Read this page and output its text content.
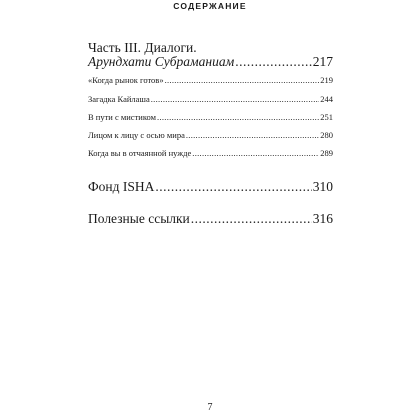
СОДЕРЖАНИЕ
Часть III. Диалоги.
Арундхати Субраманиам .....	217
«Когда рынок готов» .....	219
Загадка Кайлаша .....	244
В пути с мистиком .....	251
Лицом к лицу с осью мира .....	280
Когда вы в отчаянной нужде .....	289
Фонд ISHA .....	310
Полезные ссылки .....	316
7
